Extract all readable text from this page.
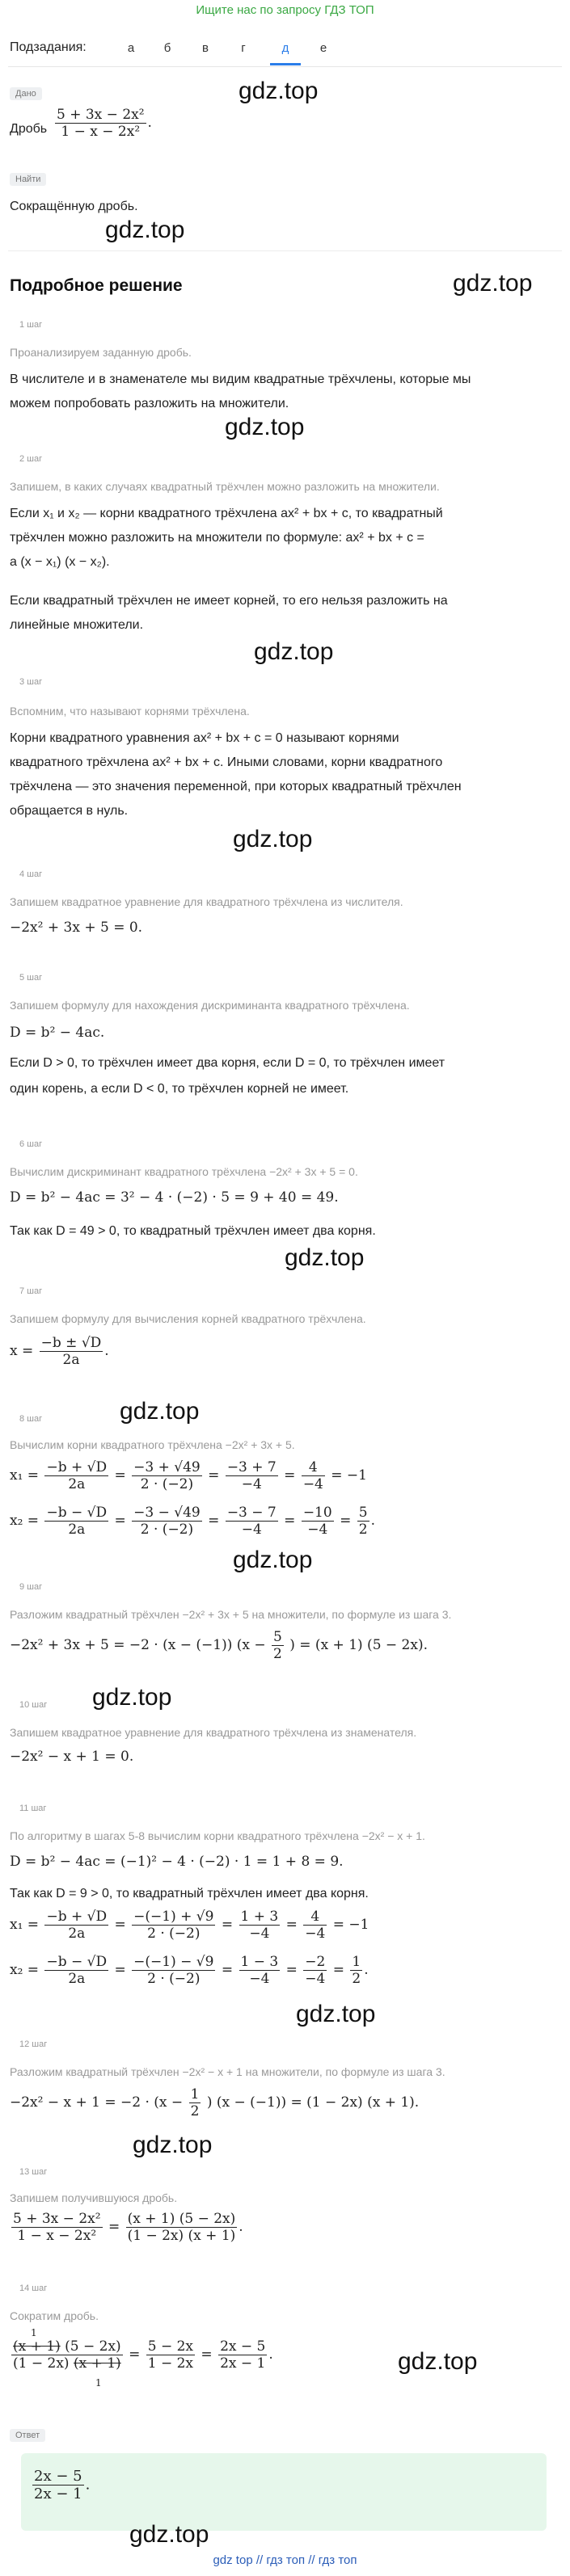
Ищите нас по запросу ГДЗ ТОП
Подзадания:	а	б	в	г	д	е
Дано	gdz.top
Дробь $\frac{\text{5 + 3x − 2x²}}{\text{1 − x − 2x²}}$ .
Найти
Сокращённую дробь.
gdz.top
Подробное решение	gdz.top
1 шаг
Проанализируем заданную дробь.
В числителе и в знаменателе мы видим квадратные трёхчлены, которые мы
можем попробовать разложить на множители.
gdz.top
2 шаг
Запишем, в каких случаях квадратный трёхчлен можно разложить на множители.
Если x₁ и x₂ — корни квадратного трёхчлена ax² + bx + c, то квадратный
трёхчлен можно разложить на множители по формуле: ax² + bx + c =
a (x − x₁) (x − x₂).
Если квадратный трёхчлен не имеет корней, то его нельзя разложить на
линейные множители.
gdz.top
3 шаг
Вспомним, что называют корнями трёхчлена.
Корни квадратного уравнения ax² + bx + c = 0 называют корнями
квадратного трёхчлена ax² + bx + c. Иными словами, корни квадратного
трёхчлена — это значения переменной, при которых квадратный трёхчлен
обращается в нуль.
gdz.top
4 шаг
Запишем квадратное уравнение для квадратного трёхчлена из числителя.
−2x² + 3x + 5 = 0.
5 шаг
Запишем формулу для нахождения дискриминанта квадратного трёхчлена.
D = b² − 4ac.
Если D > 0, то трёхчлен имеет два корня, если D = 0, то трёхчлен имеет
один корень, а если D < 0, то трёхчлен корней не имеет.
6 шаг
Вычислим дискриминант квадратного трёхчлена −2x² + 3x + 5 = 0.
D = b² − 4ac = 3² − 4 · (−2) · 5 = 9 + 40 = 49.
Так как D = 49 > 0, то квадратный трёхчлен имеет два корня.
gdz.top
7 шаг
Запишем формулу для вычисления корней квадратного трёхчлена.
$x = \frac{-b \pm √D}{2a}$ .
gdz.top
8 шаг
Вычислим корни квадратного трёхчлена −2x² + 3x + 5.
$x_1 = \frac{-b + √D}{2a} = \frac{-3 + √49}{2 \cdot (-2)} = \frac{-3 + 7}{-4} = \frac{4}{-4} = -1$
$x_2 = \frac{-b - √D}{2a} = \frac{-3 - √49}{2 \cdot (-2)} = \frac{-3 - 7}{-4} = \frac{-10}{-4} = \frac{5}{2}$ .
gdz.top
9 шаг
Разложим квадратный трёхчлен −2x² + 3x + 5 на множители, по формуле из шага 3.
−2x² + 3x + 5 = −2 · (x − (−1)) ($x - \frac{5}{2}$ ) = (x + 1) (5 − 2x).
gdz.top
10 шаг
Запишем квадратное уравнение для квадратного трёхчлена из знаменателя.
−2x² − x + 1 = 0.
11 шаг
По алгоритму в шагах 5-8 вычислим корни квадратного трёхчлена −2x² − x + 1.
D = b² − 4ac = (−1)² − 4 · (−2) · 1 = 1 + 8 = 9.
Так как D = 9 > 0, то квадратный трёхчлен имеет два корня.
$x_1 = \frac{-b + √D}{2a} = \frac{-(-1) + √9}{2 \cdot (-2)} = \frac{1 + 3}{-4} = \frac{4}{-4} = -1$
$x_2 = \frac{-b - √D}{2a} = \frac{-(-1) - √9}{2 \cdot (-2)} = \frac{1 - 3}{-4} = \frac{-2}{-4} = \frac{1}{2}$ .
gdz.top
12 шаг
Разложим квадратный трёхчлен −2x² − x + 1 на множители, по формуле из шага 3.
$-2x^2 - x + 1 = -2 \cdot (x - \frac{1}{2}$ ) (x − (−1)) = (1 − 2x) (x + 1).
gdz.top
13 шаг
Запишем получившуюся дробь.
$\frac{\text{5 + 3x − 2x²}}{\text{1 − x − 2x²}} = \frac{(x + 1) (5 - 2x)}{(1 - 2x) (x + 1)}$ .
14 шаг
Сократим дробь.
1
$\frac{(x + 1) (5 - 2x)}{(1 - 2x) (x + 1)} = \frac{5 - 2x}{1 - 2x} = \frac{2x - 5}{2x - 1}$ .
1
gdz.top
Ответ
$\frac{2x - 5}{2x - 1}$ .
gdz.top
gdz top // гдз топ // гдз топ
